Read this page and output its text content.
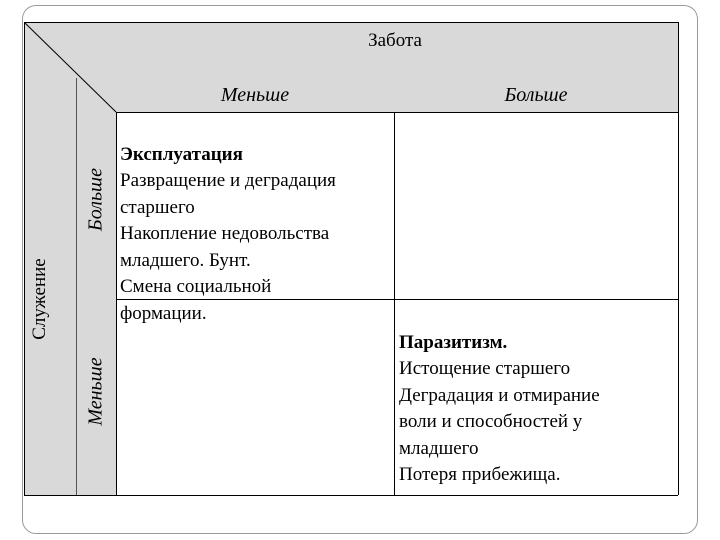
Забота
Меньше	Больше
Служение
Больше
Меньше

Эксплуатация
Развращение и деградация
старшего
Накопление недовольства
младшего. Бунт.
Смена социальной
формации.

Паразитизм.
Истощение старшего
Деградация и отмирание
воли и способностей у
младшего
Потеря прибежища.
